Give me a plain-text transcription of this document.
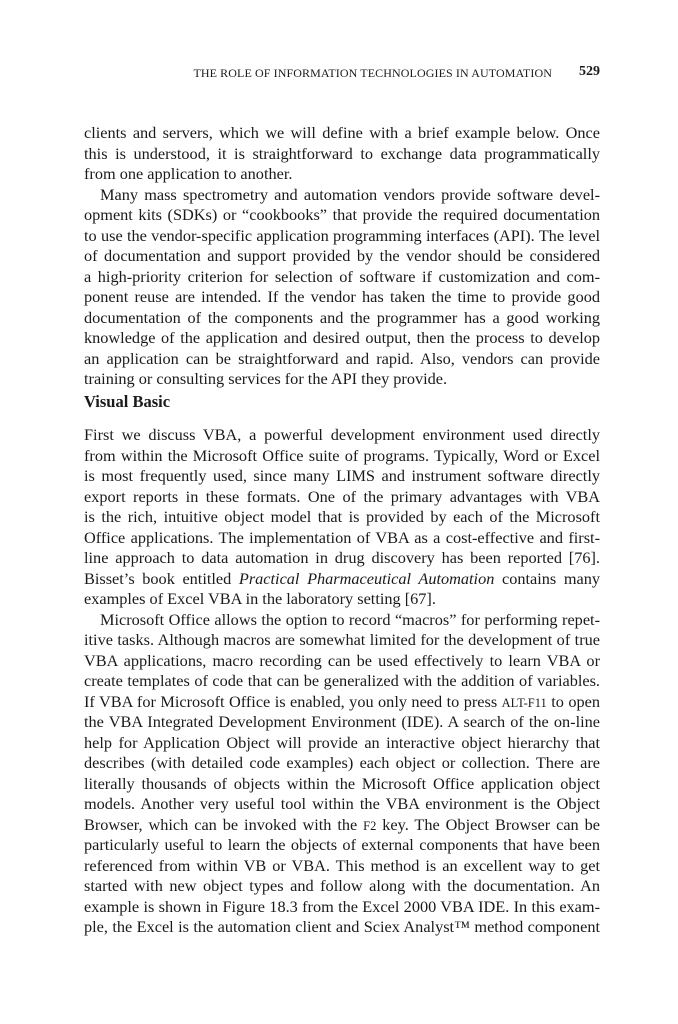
THE ROLE OF INFORMATION TECHNOLOGIES IN AUTOMATION 529
clients and servers, which we will define with a brief example below. Once
this is understood, it is straightforward to exchange data programmatically
from one application to another.
Many mass spectrometry and automation vendors provide software devel-
opment kits (SDKs) or “cookbooks” that provide the required documentation
to use the vendor-specific application programming interfaces (API). The level
of documentation and support provided by the vendor should be considered
a high-priority criterion for selection of software if customization and com-
ponent reuse are intended. If the vendor has taken the time to provide good
documentation of the components and the programmer has a good working
knowledge of the application and desired output, then the process to develop
an application can be straightforward and rapid. Also, vendors can provide
training or consulting services for the API they provide.
Visual Basic
First we discuss VBA, a powerful development environment used directly
from within the Microsoft Office suite of programs. Typically, Word or Excel
is most frequently used, since many LIMS and instrument software directly
export reports in these formats. One of the primary advantages with VBA
is the rich, intuitive object model that is provided by each of the Microsoft
Office applications. The implementation of VBA as a cost-effective and first-
line approach to data automation in drug discovery has been reported [76].
Bisset’s book entitled Practical Pharmaceutical Automation contains many
examples of Excel VBA in the laboratory setting [67].
Microsoft Office allows the option to record “macros” for performing repet-
itive tasks. Although macros are somewhat limited for the development of true
VBA applications, macro recording can be used effectively to learn VBA or
create templates of code that can be generalized with the addition of variables.
If VBA for Microsoft Office is enabled, you only need to press ALT-F11 to open
the VBA Integrated Development Environment (IDE). A search of the on-line
help for Application Object will provide an interactive object hierarchy that
describes (with detailed code examples) each object or collection. There are
literally thousands of objects within the Microsoft Office application object
models. Another very useful tool within the VBA environment is the Object
Browser, which can be invoked with the F2 key. The Object Browser can be
particularly useful to learn the objects of external components that have been
referenced from within VB or VBA. This method is an excellent way to get
started with new object types and follow along with the documentation. An
example is shown in Figure 18.3 from the Excel 2000 VBA IDE. In this exam-
ple, the Excel is the automation client and Sciex Analyst™ method component
